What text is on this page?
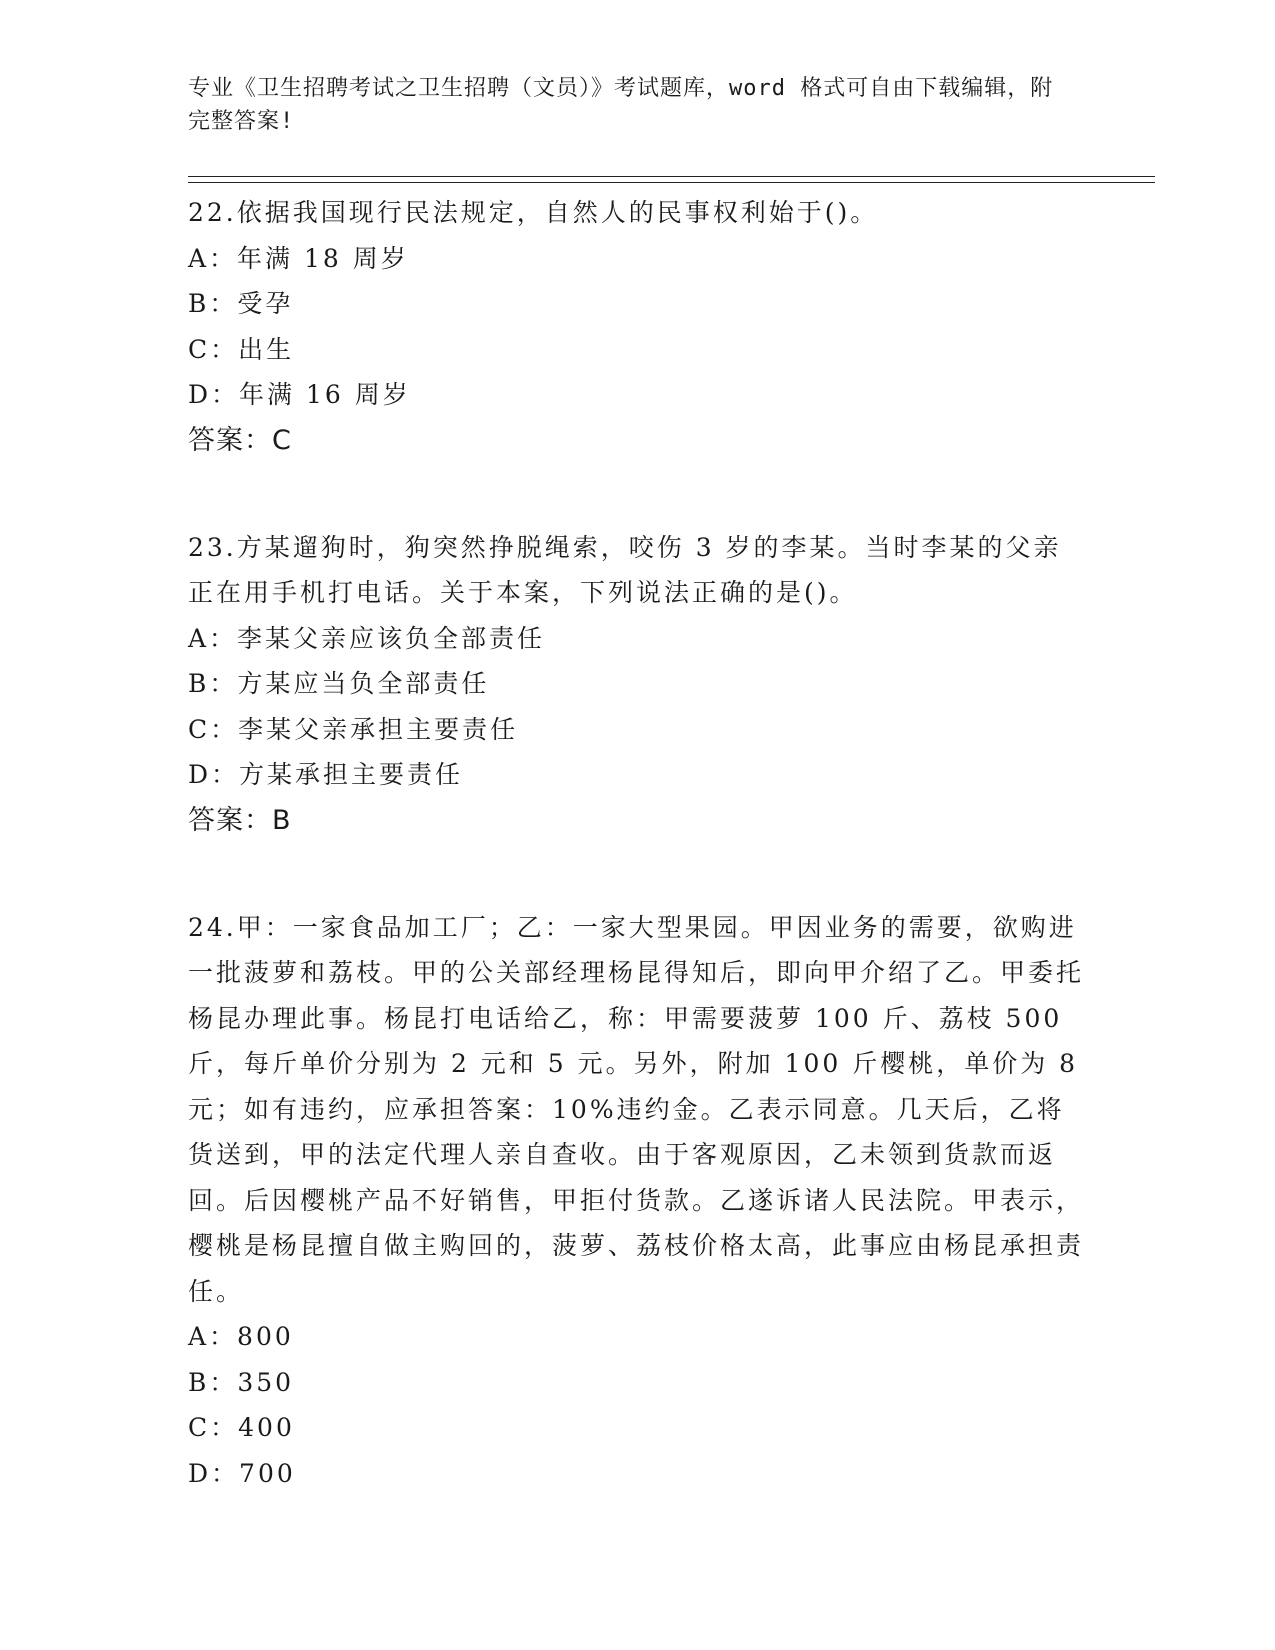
专业《卫生招聘考试之卫生招聘（文员）》考试题库，word 格式可自由下载编辑，附完整答案!

22.依据我国现行民法规定，自然人的民事权利始于()。

A：年满 18 周岁

B：受孕

C：出生

D：年满 16 周岁

答案：C

23.方某遛狗时，狗突然挣脱绳索，咬伤 3 岁的李某。当时李某的父亲正在用手机打电话。关于本案，下列说法正确的是()。

A：李某父亲应该负全部责任

B：方某应当负全部责任

C：李某父亲承担主要责任

D：方某承担主要责任

答案：B

24.甲：一家食品加工厂；乙：一家大型果园。甲因业务的需要，欲购进一批菠萝和荔枝。甲的公关部经理杨昆得知后，即向甲介绍了乙。甲委托杨昆办理此事。杨昆打电话给乙，称：甲需要菠萝 100 斤、荔枝 500 斤，每斤单价分别为 2 元和 5 元。另外，附加 100 斤樱桃，单价为 8 元；如有违约，应承担答案：10%违约金。乙表示同意。几天后，乙将货送到，甲的法定代理人亲自查收。由于客观原因，乙未领到货款而返回。后因樱桃产品不好销售，甲拒付货款。乙遂诉诸人民法院。甲表示，樱桃是杨昆擅自做主购回的，菠萝、荔枝价格太高，此事应由杨昆承担责任。

A：800

B：350

C：400

D：700
